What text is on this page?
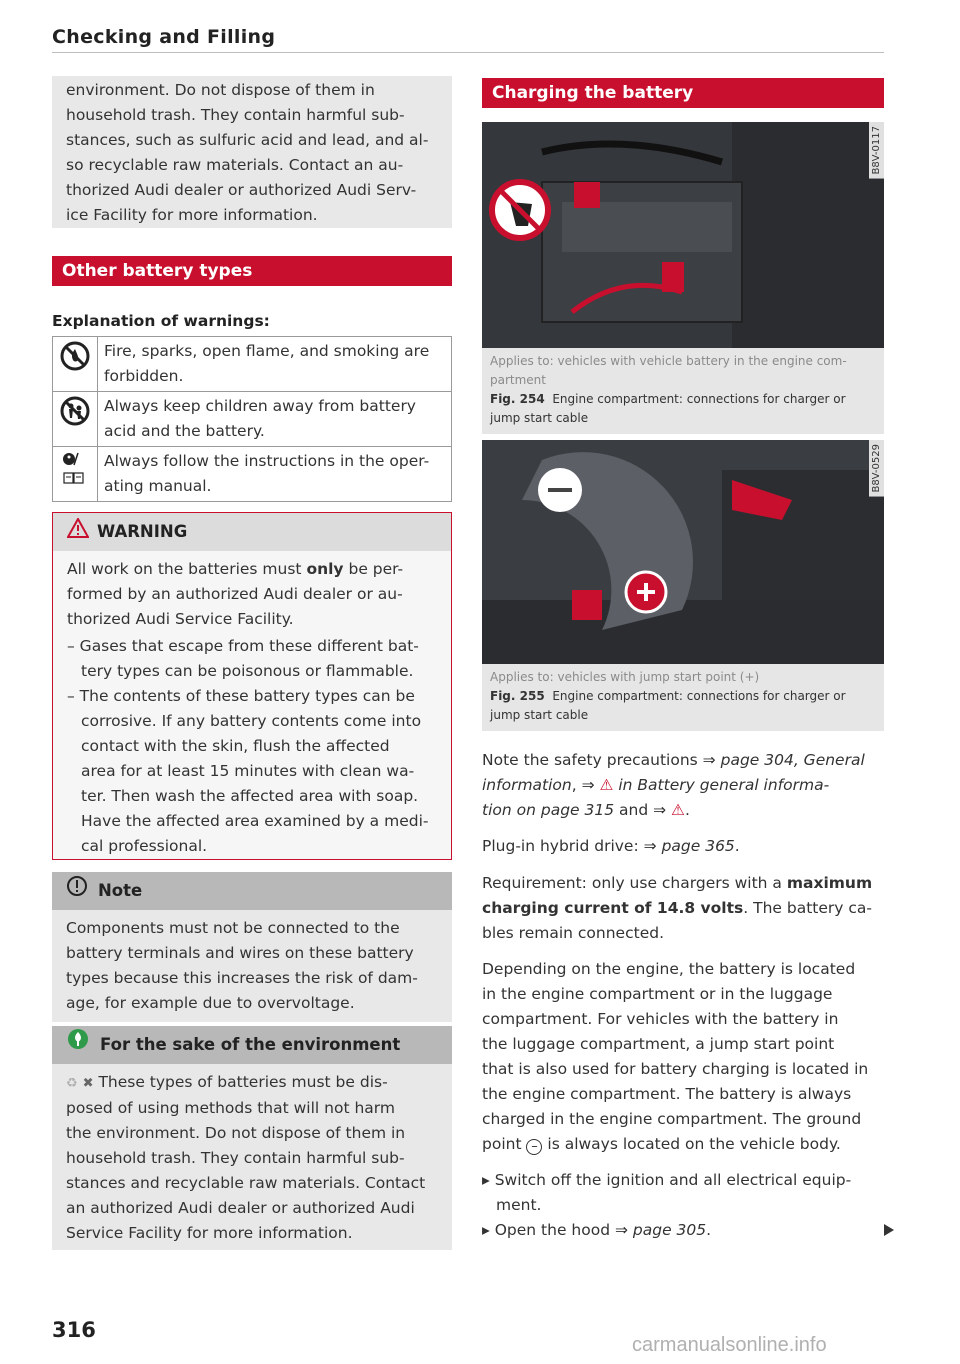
Checking and Filling
environment. Do not dispose of them in
household trash. They contain harmful sub-
stances, such as sulfuric acid and lead, and al-
so recyclable raw materials. Contact an au-
thorized Audi dealer or authorized Audi Serv-
ice Facility for more information.
Other battery types
Explanation of warnings:

Fire, sparks, open flame, and smoking are
forbidden.

Always keep children away from battery
acid and the battery.

Always follow the instructions in the oper-
ating manual.
WARNING
All work on the batteries must only be per-
formed by an authorized Audi dealer or au-
thorized Audi Service Facility.
– Gases that escape from these different bat-
tery types can be poisonous or flammable.
– The contents of these battery types can be
corrosive. If any battery contents come into
contact with the skin, flush the affected
area for at least 15 minutes with clean wa-
ter. Then wash the affected area with soap.
Have the affected area examined by a medi-
cal professional.
Note
Components must not be connected to the
battery terminals and wires on these battery
types because this increases the risk of dam-
age, for example due to overvoltage.
For the sake of the environment
♻ ✖ These types of batteries must be dis-
posed of using methods that will not harm
the environment. Do not dispose of them in
household trash. They contain harmful sub-
stances and recyclable raw materials. Contact
an authorized Audi dealer or authorized Audi
Service Facility for more information.
316
Charging the battery
B8V-0117
Applies to: vehicles with vehicle battery in the engine com-
partment
Fig. 254 Engine compartment: connections for charger or
jump start cable
B8V-0529
Applies to: vehicles with jump start point (+)
Fig. 255 Engine compartment: connections for charger or
jump start cable
Note the safety precautions ⇒ page 304, General
information, ⇒ ⚠ in Battery general informa-
tion on page 315 and ⇒ ⚠.
Plug-in hybrid drive: ⇒ page 365.
Requirement: only use chargers with a maximum
charging current of 14.8 volts. The battery ca-
bles remain connected.
Depending on the engine, the battery is located
in the engine compartment or in the luggage
compartment. For vehicles with the battery in
the luggage compartment, a jump start point
that is also used for battery charging is located in
the engine compartment. The battery is always
charged in the engine compartment. The ground
point – is always located on the vehicle body.
▸ Switch off the ignition and all electrical equip-
ment.
▸ Open the hood ⇒ page 305.
carmanualsonline.info
